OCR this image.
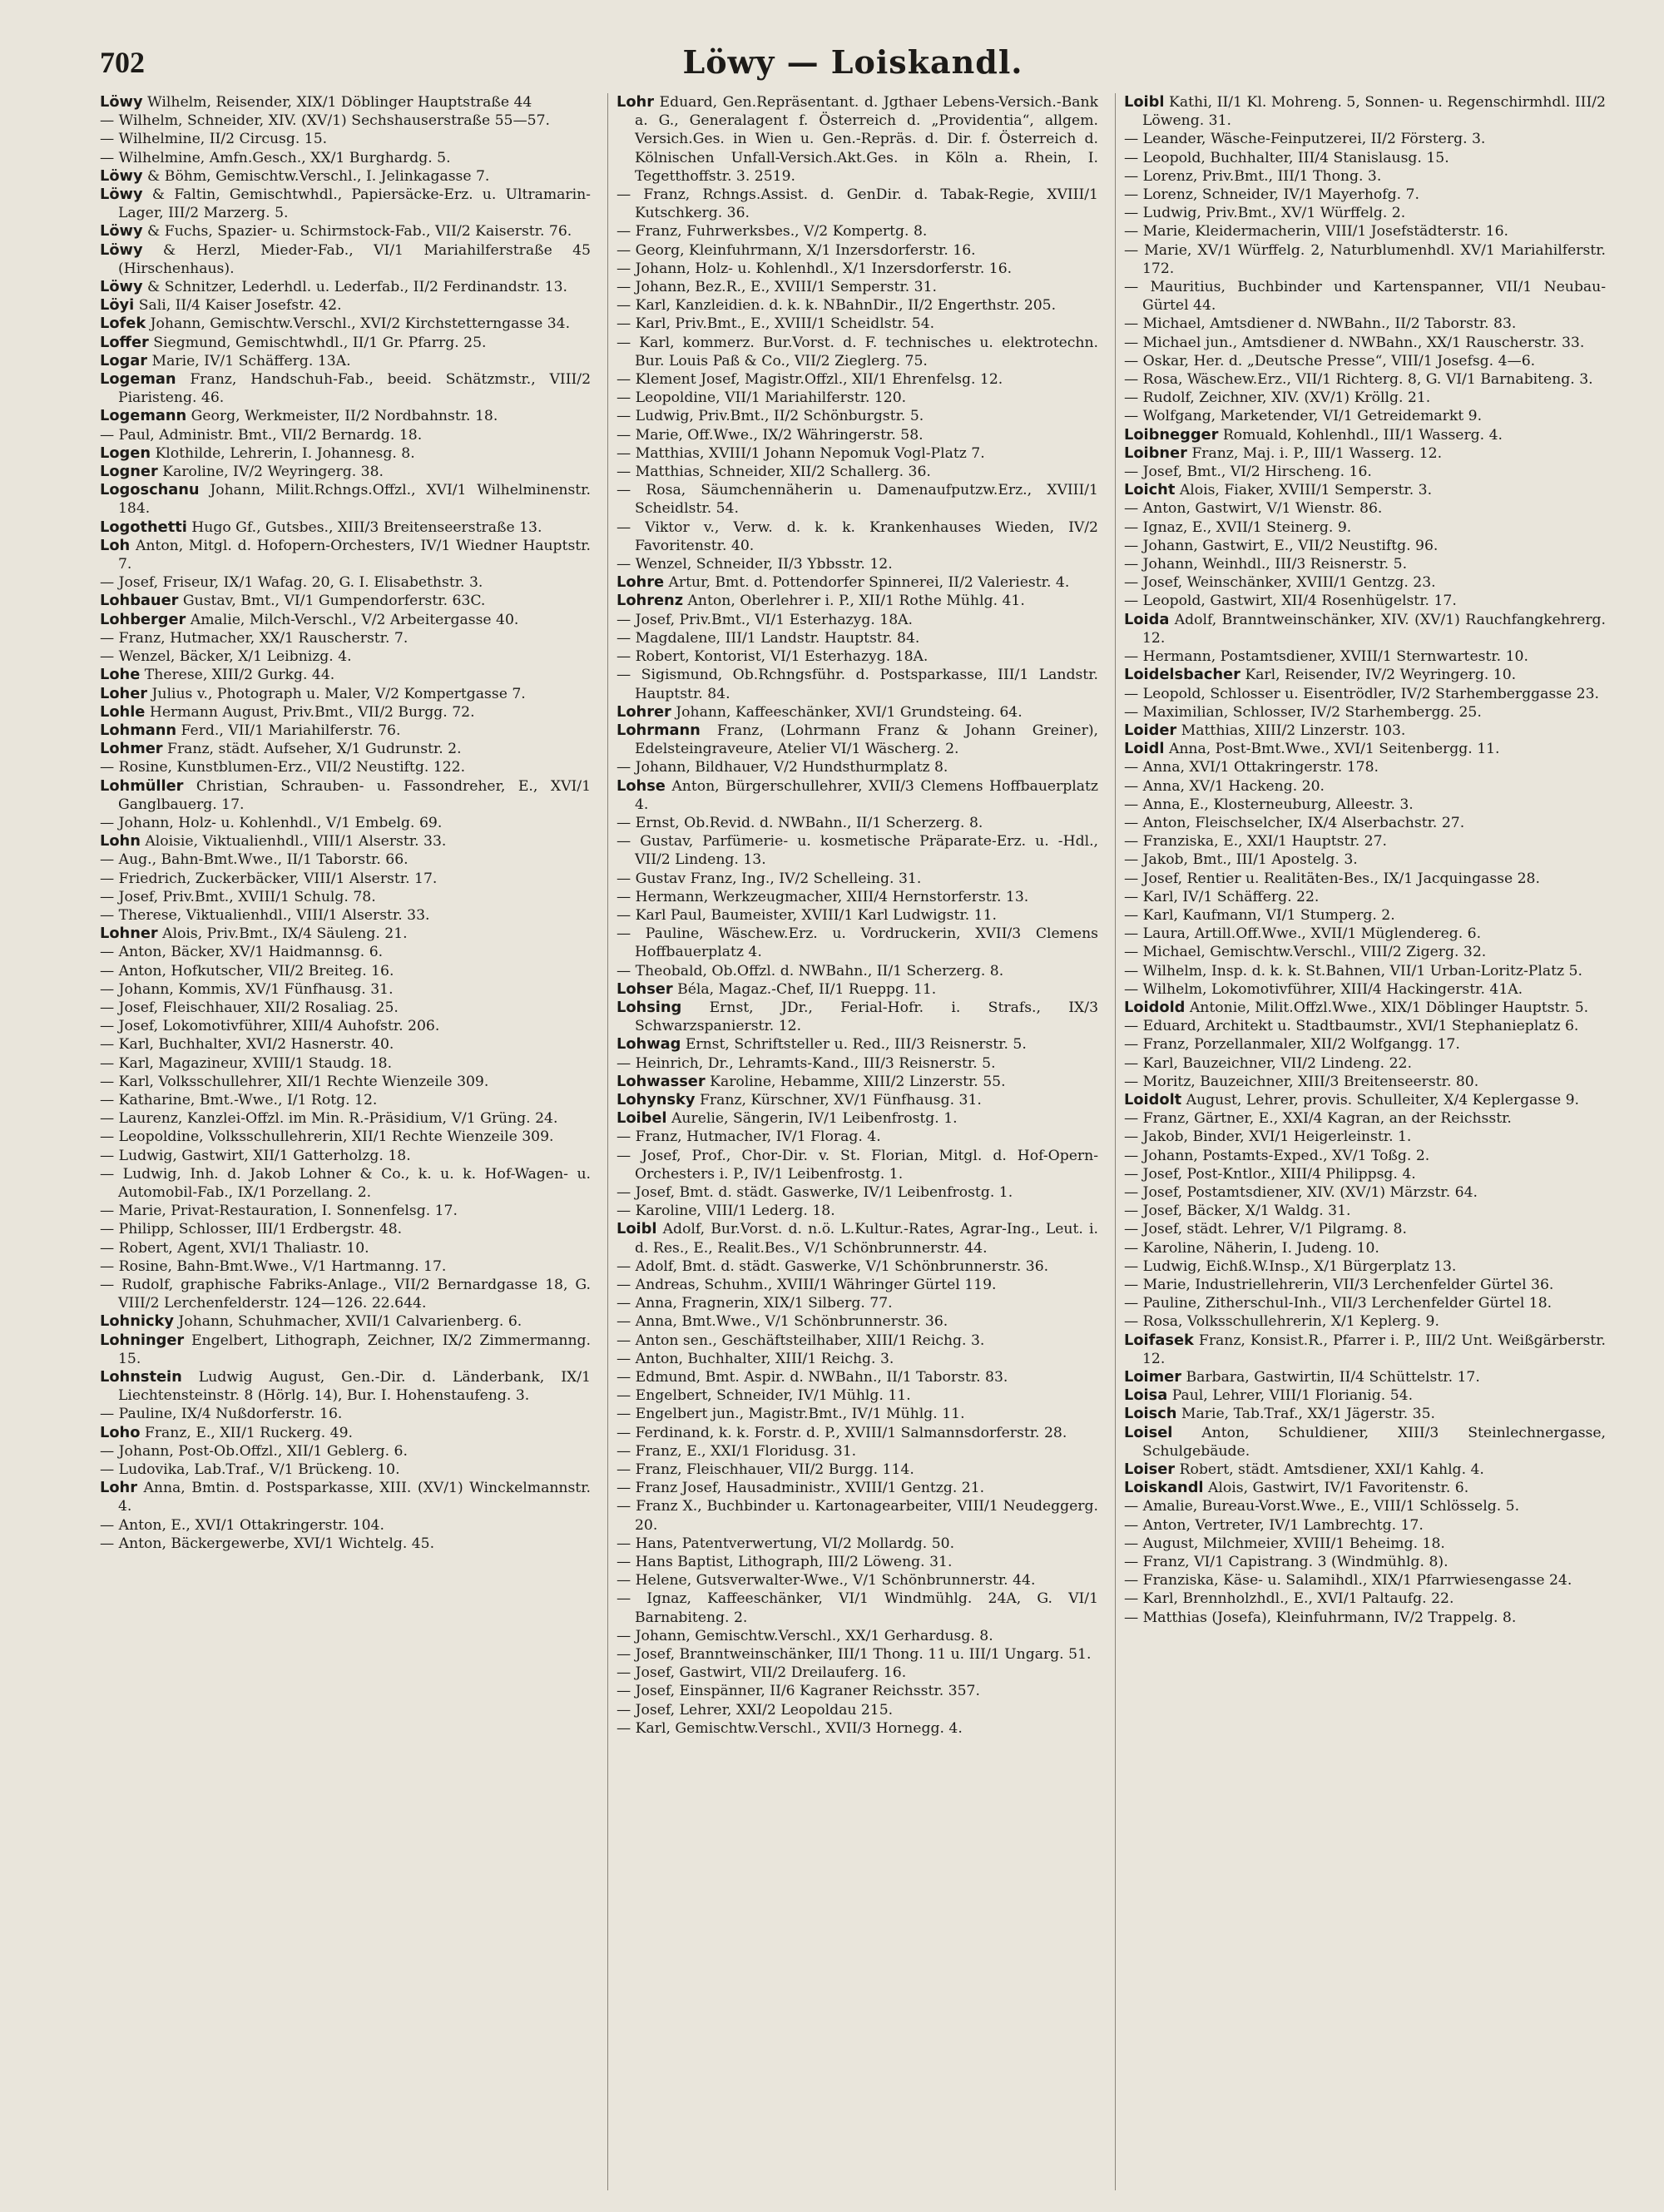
702	Löwy — Loiskandl.

Löwy Wilhelm, Reisender, XIX/1 Döblinger Hauptstraße 44

— Wilhelm, Schneider, XIV. (XV/1) Sechshauserstraße 55—57.

— Wilhelmine, II/2 Circusg. 15.

— Wilhelmine, Amfn.Gesch., XX/1 Burghardg. 5.

Löwy & Böhm, Gemischtw.Verschl., I. Jelinkagasse 7.

Löwy & Faltin, Gemischtwhdl., Papiersäcke-Erz. u. Ultramarin-Lager, III/2 Marzerg. 5.

Löwy & Fuchs, Spazier- u. Schirmstock-Fab., VII/2 Kaiserstr. 76.

Löwy & Herzl, Mieder-Fab., VI/1 Mariahilferstraße 45 (Hirschenhaus).

Löwy & Schnitzer, Lederhdl. u. Lederfab., II/2 Ferdinandstr. 13.

Löyi Sali, II/4 Kaiser Josefstr. 42.

Lofek Johann, Gemischtw.Verschl., XVI/2 Kirchstetterngasse 34.

Loffer Siegmund, Gemischtwhdl., II/1 Gr. Pfarrg. 25.

Logar Marie, IV/1 Schäfferg. 13A.

Logeman Franz, Handschuh-Fab., beeid. Schätzmstr., VIII/2 Piaristeng. 46.

Logemann Georg, Werkmeister, II/2 Nordbahnstr. 18.

— Paul, Administr. Bmt., VII/2 Bernardg. 18.

Logen Klothilde, Lehrerin, I. Johannesg. 8.

Logner Karoline, IV/2 Weyringerg. 38.

Logoschanu Johann, Milit.Rchngs.Offzl., XVI/1 Wilhelminenstr. 184.

Logothetti Hugo Gf., Gutsbes., XIII/3 Breitenseerstraße 13.

Loh Anton, Mitgl. d. Hofopern-Orchesters, IV/1 Wiedner Hauptstr. 7.

— Josef, Friseur, IX/1 Wafag. 20, G. I. Elisabethstr. 3.

Lohbauer Gustav, Bmt., VI/1 Gumpendorferstr. 63C.

Lohberger Amalie, Milch-Verschl., V/2 Arbeitergasse 40.

— Franz, Hutmacher, XX/1 Rauscherstr. 7.

— Wenzel, Bäcker, X/1 Leibnizg. 4.

Lohe Therese, XIII/2 Gurkg. 44.

Loher Julius v., Photograph u. Maler, V/2 Kompertgasse 7.

Lohle Hermann August, Priv.Bmt., VII/2 Burgg. 72.

Lohmann Ferd., VII/1 Mariahilferstr. 76.

Lohmer Franz, städt. Aufseher, X/1 Gudrunstr. 2.

— Rosine, Kunstblumen-Erz., VII/2 Neustiftg. 122.

Lohmüller Christian, Schrauben- u. Fassondreher, E., XVI/1 Ganglbauerg. 17.

— Johann, Holz- u. Kohlenhdl., V/1 Embelg. 69.

Lohn Aloisie, Viktualienhdl., VIII/1 Alserstr. 33.

— Aug., Bahn-Bmt.Wwe., II/1 Taborstr. 66.

— Friedrich, Zuckerbäcker, VIII/1 Alserstr. 17.

— Josef, Priv.Bmt., XVIII/1 Schulg. 78.

— Therese, Viktualienhdl., VIII/1 Alserstr. 33.

Lohner Alois, Priv.Bmt., IX/4 Säuleng. 21.

— Anton, Bäcker, XV/1 Haidmannsg. 6.

— Anton, Hofkutscher, VII/2 Breiteg. 16.

— Johann, Kommis, XV/1 Fünfhausg. 31.

— Josef, Fleischhauer, XII/2 Rosaliag. 25.

— Josef, Lokomotivführer, XIII/4 Auhofstr. 206.

— Karl, Buchhalter, XVI/2 Hasnerstr. 40.

— Karl, Magazineur, XVIII/1 Staudg. 18.

— Karl, Volksschullehrer, XII/1 Rechte Wienzeile 309.

— Katharine, Bmt.-Wwe., I/1 Rotg. 12.

— Laurenz, Kanzlei-Offzl. im Min. R.-Präsidium, V/1 Grüng. 24.

— Leopoldine, Volksschullehrerin, XII/1 Rechte Wienzeile 309.

— Ludwig, Gastwirt, XII/1 Gatterholzg. 18.

— Ludwig, Inh. d. Jakob Lohner & Co., k. u. k. Hof-Wagen- u. Automobil-Fab., IX/1 Porzellang. 2.

— Marie, Privat-Restauration, I. Sonnenfelsg. 17.

— Philipp, Schlosser, III/1 Erdbergstr. 48.

— Robert, Agent, XVI/1 Thaliastr. 10.

— Rosine, Bahn-Bmt.Wwe., V/1 Hartmanng. 17.

— Rudolf, graphische Fabriks-Anlage., VII/2 Bernardgasse 18, G. VIII/2 Lerchenfelderstr. 124—126. 22.644.

Lohnicky Johann, Schuhmacher, XVII/1 Calvarienberg. 6.

Lohninger Engelbert, Lithograph, Zeichner, IX/2 Zimmermanng. 15.

Lohnstein Ludwig August, Gen.-Dir. d. Länderbank, IX/1 Liechtensteinstr. 8 (Hörlg. 14), Bur. I. Hohenstaufeng. 3.

— Pauline, IX/4 Nußdorferstr. 16.

Loho Franz, E., XII/1 Ruckerg. 49.

— Johann, Post-Ob.Offzl., XII/1 Geblerg. 6.

— Ludovika, Lab.Traf., V/1 Brückeng. 10.

Lohr Anna, Bmtin. d. Postsparkasse, XIII. (XV/1) Winckelmannstr. 4.

— Anton, E., XVI/1 Ottakringerstr. 104.

— Anton, Bäckergewerbe, XVI/1 Wichtelg. 45.

Lohr Eduard, Gen.Repräsentant. d. Jgthaer Lebens-Versich.-Bank a. G., Generalagent f. Österreich d. „Providentia“, allgem. Versich.Ges. in Wien u. Gen.-Repräs. d. Dir. f. Österreich d. Kölnischen Unfall-Versich.Akt.Ges. in Köln a. Rhein, I. Tegetthoffstr. 3. 2519.

— Franz, Rchngs.Assist. d. GenDir. d. Tabak-Regie, XVIII/1 Kutschkerg. 36.

— Franz, Fuhrwerksbes., V/2 Kompertg. 8.

— Georg, Kleinfuhrmann, X/1 Inzersdorferstr. 16.

— Johann, Holz- u. Kohlenhdl., X/1 Inzersdorferstr. 16.

— Johann, Bez.R., E., XVIII/1 Semperstr. 31.

— Karl, Kanzleidien. d. k. k. NBahnDir., II/2 Engerthstr. 205.

— Karl, Priv.Bmt., E., XVIII/1 Scheidlstr. 54.

— Karl, kommerz. Bur.Vorst. d. F. technisches u. elektrotechn. Bur. Louis Paß & Co., VII/2 Zieglerg. 75.

— Klement Josef, Magistr.Offzl., XII/1 Ehrenfelsg. 12.

— Leopoldine, VII/1 Mariahilferstr. 120.

— Ludwig, Priv.Bmt., II/2 Schönburgstr. 5.

— Marie, Off.Wwe., IX/2 Währingerstr. 58.

— Matthias, XVIII/1 Johann Nepomuk Vogl-Platz 7.

— Matthias, Schneider, XII/2 Schallerg. 36.

— Rosa, Säumchennäherin u. Damenaufputzw.Erz., XVIII/1 Scheidlstr. 54.

— Viktor v., Verw. d. k. k. Krankenhauses Wieden, IV/2 Favoritenstr. 40.

— Wenzel, Schneider, II/3 Ybbsstr. 12.

Lohre Artur, Bmt. d. Pottendorfer Spinnerei, II/2 Valeriestr. 4.

Lohrenz Anton, Oberlehrer i. P., XII/1 Rothe Mühlg. 41.

— Josef, Priv.Bmt., VI/1 Esterhazyg. 18A.

— Magdalene, III/1 Landstr. Hauptstr. 84.

— Robert, Kontorist, VI/1 Esterhazyg. 18A.

— Sigismund, Ob.Rchngsführ. d. Postsparkasse, III/1 Landstr. Hauptstr. 84.

Lohrer Johann, Kaffeeschänker, XVI/1 Grundsteing. 64.

Lohrmann Franz, (Lohrmann Franz & Johann Greiner), Edelsteingraveure, Atelier VI/1 Wäscherg. 2.

— Johann, Bildhauer, V/2 Hundsthurmplatz 8.

Lohse Anton, Bürgerschullehrer, XVII/3 Clemens Hoffbauerplatz 4.

— Ernst, Ob.Revid. d. NWBahn., II/1 Scherzerg. 8.

— Gustav, Parfümerie- u. kosmetische Präparate-Erz. u. -Hdl., VII/2 Lindeng. 13.

— Gustav Franz, Ing., IV/2 Schelleing. 31.

— Hermann, Werkzeugmacher, XIII/4 Hernstorferstr. 13.

— Karl Paul, Baumeister, XVIII/1 Karl Ludwigstr. 11.

— Pauline, Wäschew.Erz. u. Vordruckerin, XVII/3 Clemens Hoffbauerplatz 4.

— Theobald, Ob.Offzl. d. NWBahn., II/1 Scherzerg. 8.

Lohser Béla, Magaz.-Chef, II/1 Rueppg. 11.

Lohsing Ernst, JDr., Ferial-Hofr. i. Strafs., IX/3 Schwarzspanierstr. 12.

Lohwag Ernst, Schriftsteller u. Red., III/3 Reisnerstr. 5.

— Heinrich, Dr., Lehramts-Kand., III/3 Reisnerstr. 5.

Lohwasser Karoline, Hebamme, XIII/2 Linzerstr. 55.

Lohynsky Franz, Kürschner, XV/1 Fünfhausg. 31.

Loibel Aurelie, Sängerin, IV/1 Leibenfrostg. 1.

— Franz, Hutmacher, IV/1 Florag. 4.

— Josef, Prof., Chor-Dir. v. St. Florian, Mitgl. d. Hof-Opern-Orchesters i. P., IV/1 Leibenfrostg. 1.

— Josef, Bmt. d. städt. Gaswerke, IV/1 Leibenfrostg. 1.

— Karoline, VIII/1 Lederg. 18.

Loibl Adolf, Bur.Vorst. d. n.ö. L.Kultur.-Rates, Agrar-Ing., Leut. i. d. Res., E., Realit.Bes., V/1 Schönbrunnerstr. 44.

— Adolf, Bmt. d. städt. Gaswerke, V/1 Schönbrunnerstr. 36.

— Andreas, Schuhm., XVIII/1 Währinger Gürtel 119.

— Anna, Fragnerin, XIX/1 Silberg. 77.

— Anna, Bmt.Wwe., V/1 Schönbrunnerstr. 36.

— Anton sen., Geschäftsteilhaber, XIII/1 Reichg. 3.

— Anton, Buchhalter, XIII/1 Reichg. 3.

— Edmund, Bmt. Aspir. d. NWBahn., II/1 Taborstr. 83.

— Engelbert, Schneider, IV/1 Mühlg. 11.

— Engelbert jun., Magistr.Bmt., IV/1 Mühlg. 11.

— Ferdinand, k. k. Forstr. d. P., XVIII/1 Salmannsdorferstr. 28.

— Franz, E., XXI/1 Floridusg. 31.

— Franz, Fleischhauer, VII/2 Burgg. 114.

— Franz Josef, Hausadministr., XVIII/1 Gentzg. 21.

— Franz X., Buchbinder u. Kartonagearbeiter, VIII/1 Neudeggerg. 20.

— Hans, Patentverwertung, VI/2 Mollardg. 50.

— Hans Baptist, Lithograph, III/2 Löweng. 31.

— Helene, Gutsverwalter-Wwe., V/1 Schönbrunnerstr. 44.

— Ignaz, Kaffeeschänker, VI/1 Windmühlg. 24A, G. VI/1 Barnabiteng. 2.

— Johann, Gemischtw.Verschl., XX/1 Gerhardusg. 8.

— Josef, Branntweinschänker, III/1 Thong. 11 u. III/1 Ungarg. 51.

— Josef, Gastwirt, VII/2 Dreilauferg. 16.

— Josef, Einspänner, II/6 Kagraner Reichsstr. 357.

— Josef, Lehrer, XXI/2 Leopoldau 215.

— Karl, Gemischtw.Verschl., XVII/3 Hornegg. 4.

Loibl Kathi, II/1 Kl. Mohreng. 5, Sonnen- u. Regenschirmhdl. III/2 Löweng. 31.

— Leander, Wäsche-Feinputzerei, II/2 Försterg. 3.

— Leopold, Buchhalter, III/4 Stanislausg. 15.

— Lorenz, Priv.Bmt., III/1 Thong. 3.

— Lorenz, Schneider, IV/1 Mayerhofg. 7.

— Ludwig, Priv.Bmt., XV/1 Würffelg. 2.

— Marie, Kleidermacherin, VIII/1 Josefstädterstr. 16.

— Marie, XV/1 Würffelg. 2, Naturblumenhdl. XV/1 Mariahilferstr. 172.

— Mauritius, Buchbinder und Kartenspanner, VII/1 Neubau-Gürtel 44.

— Michael, Amtsdiener d. NWBahn., II/2 Taborstr. 83.

— Michael jun., Amtsdiener d. NWBahn., XX/1 Rauscherstr. 33.

— Oskar, Her. d. „Deutsche Presse“, VIII/1 Josefsg. 4—6.

— Rosa, Wäschew.Erz., VII/1 Richterg. 8, G. VI/1 Barnabiteng. 3.

— Rudolf, Zeichner, XIV. (XV/1) Kröllg. 21.

— Wolfgang, Marketender, VI/1 Getreidemarkt 9.

Loibnegger Romuald, Kohlenhdl., III/1 Wasserg. 4.

Loibner Franz, Maj. i. P., III/1 Wasserg. 12.

— Josef, Bmt., VI/2 Hirscheng. 16.

Loicht Alois, Fiaker, XVIII/1 Semperstr. 3.

— Anton, Gastwirt, V/1 Wienstr. 86.

— Ignaz, E., XVII/1 Steinerg. 9.

— Johann, Gastwirt, E., VII/2 Neustiftg. 96.

— Johann, Weinhdl., III/3 Reisnerstr. 5.

— Josef, Weinschänker, XVIII/1 Gentzg. 23.

— Leopold, Gastwirt, XII/4 Rosenhügelstr. 17.

Loida Adolf, Branntweinschänker, XIV. (XV/1) Rauchfangkehrerg. 12.

— Hermann, Postamtsdiener, XVIII/1 Sternwartestr. 10.

Loidelsbacher Karl, Reisender, IV/2 Weyringerg. 10.

— Leopold, Schlosser u. Eisentrödler, IV/2 Starhemberggasse 23.

— Maximilian, Schlosser, IV/2 Starhembergg. 25.

Loider Matthias, XIII/2 Linzerstr. 103.

Loidl Anna, Post-Bmt.Wwe., XVI/1 Seitenbergg. 11.

— Anna, XVI/1 Ottakringerstr. 178.

— Anna, XV/1 Hackeng. 20.

— Anna, E., Klosterneuburg, Alleestr. 3.

— Anton, Fleischselcher, IX/4 Alserbachstr. 27.

— Franziska, E., XXI/1 Hauptstr. 27.

— Jakob, Bmt., III/1 Apostelg. 3.

— Josef, Rentier u. Realitäten-Bes., IX/1 Jacquingasse 28.

— Karl, IV/1 Schäfferg. 22.

— Karl, Kaufmann, VI/1 Stumperg. 2.

— Laura, Artill.Off.Wwe., XVII/1 Müglendereg. 6.

— Michael, Gemischtw.Verschl., VIII/2 Zigerg. 32.

— Wilhelm, Insp. d. k. k. St.Bahnen, VII/1 Urban-Loritz-Platz 5.

— Wilhelm, Lokomotivführer, XIII/4 Hackingerstr. 41A.

Loidold Antonie, Milit.Offzl.Wwe., XIX/1 Döblinger Hauptstr. 5.

— Eduard, Architekt u. Stadtbaumstr., XVI/1 Stephanieplatz 6.

— Franz, Porzellanmaler, XII/2 Wolfgangg. 17.

— Karl, Bauzeichner, VII/2 Lindeng. 22.

— Moritz, Bauzeichner, XIII/3 Breitenseerstr. 80.

Loidolt August, Lehrer, provis. Schulleiter, X/4 Keplergasse 9.

— Franz, Gärtner, E., XXI/4 Kagran, an der Reichsstr.

— Jakob, Binder, XVI/1 Heigerleinstr. 1.

— Johann, Postamts-Exped., XV/1 Toßg. 2.

— Josef, Post-Kntlor., XIII/4 Philippsg. 4.

— Josef, Postamtsdiener, XIV. (XV/1) Märzstr. 64.

— Josef, Bäcker, X/1 Waldg. 31.

— Josef, städt. Lehrer, V/1 Pilgramg. 8.

— Karoline, Näherin, I. Judeng. 10.

— Ludwig, Eichß.W.Insp., X/1 Bürgerplatz 13.

— Marie, Industriellehrerin, VII/3 Lerchenfelder Gürtel 36.

— Pauline, Zitherschul-Inh., VII/3 Lerchenfelder Gürtel 18.

— Rosa, Volksschullehrerin, X/1 Keplerg. 9.

Loifasek Franz, Konsist.R., Pfarrer i. P., III/2 Unt. Weißgärberstr. 12.

Loimer Barbara, Gastwirtin, II/4 Schüttelstr. 17.

Loisa Paul, Lehrer, VIII/1 Florianig. 54.

Loisch Marie, Tab.Traf., XX/1 Jägerstr. 35.

Loisel Anton, Schuldiener, XIII/3 Steinlechnergasse, Schulgebäude.

Loiser Robert, städt. Amtsdiener, XXI/1 Kahlg. 4.

Loiskandl Alois, Gastwirt, IV/1 Favoritenstr. 6.

— Amalie, Bureau-Vorst.Wwe., E., VIII/1 Schlösselg. 5.

— Anton, Vertreter, IV/1 Lambrechtg. 17.

— August, Milchmeier, XVIII/1 Beheimg. 18.

— Franz, VI/1 Capistrang. 3 (Windmühlg. 8).

— Franziska, Käse- u. Salamihdl., XIX/1 Pfarrwiesengasse 24.

— Karl, Brennholzhdl., E., XVI/1 Paltaufg. 22.

— Matthias (Josefa), Kleinfuhrmann, IV/2 Trappelg. 8.
